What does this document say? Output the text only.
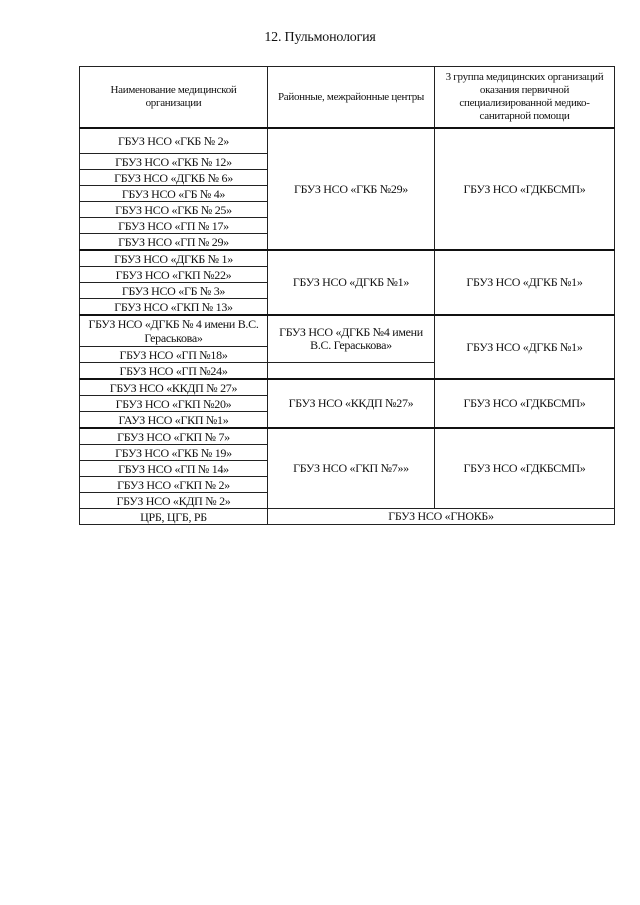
12. Пульмонология
Наименование медицинской организации	Районные, межрайонные центры	3 группа медицинских организаций оказания первичной специализированной медико-санитарной помощи
ГБУЗ НСО «ГКБ № 2»	ГБУЗ НСО «ГКБ №29»	ГБУЗ НСО «ГДКБСМП»
ГБУЗ НСО «ГКБ № 12»		
ГБУЗ НСО «ДГКБ № 6»		
ГБУЗ НСО «ГБ № 4»		
ГБУЗ НСО «ГКБ № 25»		
ГБУЗ НСО «ГП № 17»		
ГБУЗ НСО «ГП № 29»		
ГБУЗ НСО «ДГКБ № 1»	ГБУЗ НСО «ДГКБ №1»	ГБУЗ НСО «ДГКБ №1»
ГБУЗ НСО «ГКП №22»		
ГБУЗ НСО «ГБ № 3»		
ГБУЗ НСО «ГКП № 13»		
ГБУЗ НСО «ДГКБ № 4 имени В.С. Гераськова»	ГБУЗ НСО «ДГКБ №4 имени В.С. Гераськова»	ГБУЗ НСО «ДГКБ №1»
ГБУЗ НСО «ГП №18»		
ГБУЗ НСО «ГП №24»		
ГБУЗ НСО «ККДП № 27»	ГБУЗ НСО «ККДП №27»	ГБУЗ НСО «ГДКБСМП»
ГБУЗ НСО «ГКП №20»		
ГАУЗ НСО «ГКП №1»		
ГБУЗ НСО «ГКП № 7»	ГБУЗ НСО «ГКП №7»»	ГБУЗ НСО «ГДКБСМП»
ГБУЗ НСО «ГКБ № 19»		
ГБУЗ НСО «ГП № 14»		
ГБУЗ НСО «ГКП № 2»		
ГБУЗ НСО «КДП № 2»		
ЦРБ, ЦГБ, РБ	ГБУЗ НСО «ГНОКБ»	
